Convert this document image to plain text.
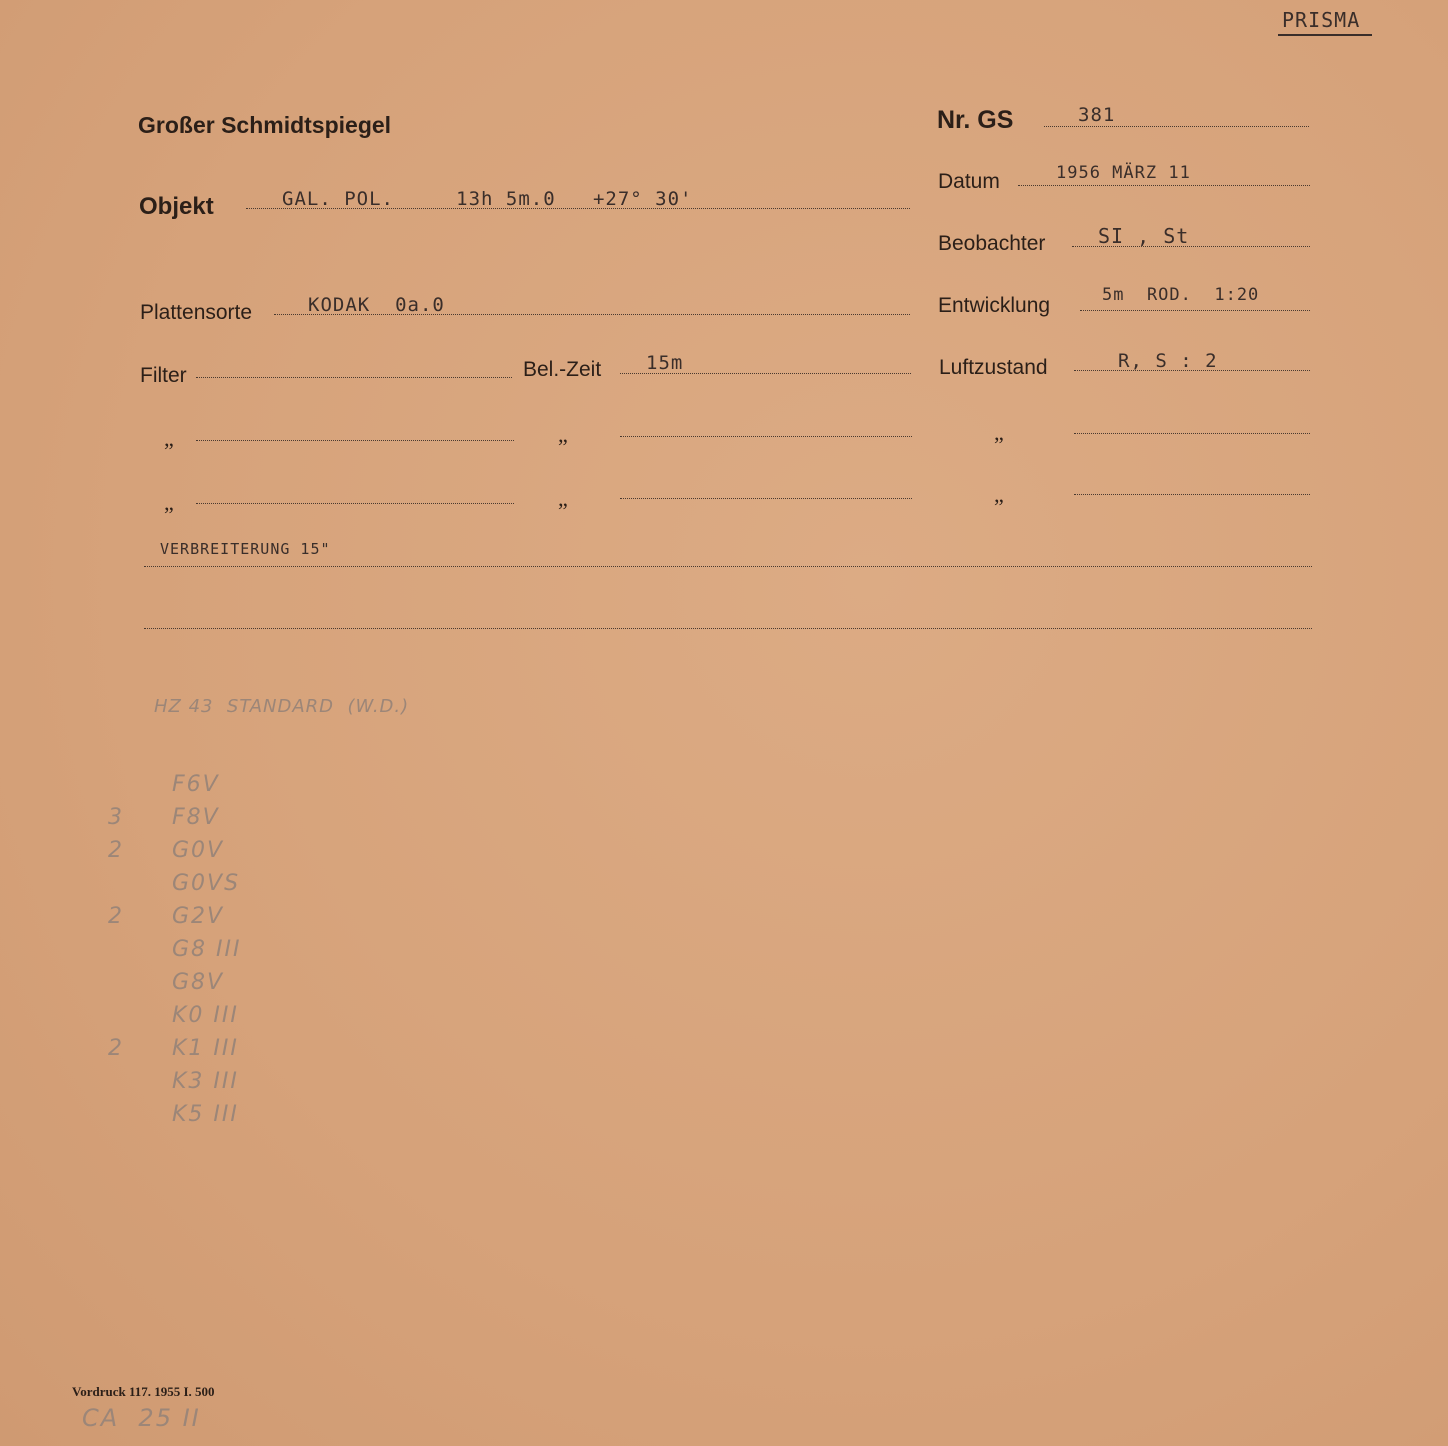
PRISMA
Großer Schmidtspiegel	Nr. GS	381
Datum	1956 MÄRZ 11
Objekt	GAL. POL.     13h 5m.0   +27° 30'
Beobachter	SI , St
Plattensorte	KODAK  0a.0	Entwicklung	5m  ROD.  1:20
Filter	Bel.-Zeit 15m	Luftzustand	R, S : 2
„	„	„
„	„	„
VERBREITERUNG 15"
HZ 43  STANDARD  (W.D.)
F6V
3 F8V
2 G0V
G0VS
2 G2V
G8 III
G8V
K0 III
2 K1 III
K3 III
K5 III
Vordruck 117. 1955 I. 500
CA  25 II
